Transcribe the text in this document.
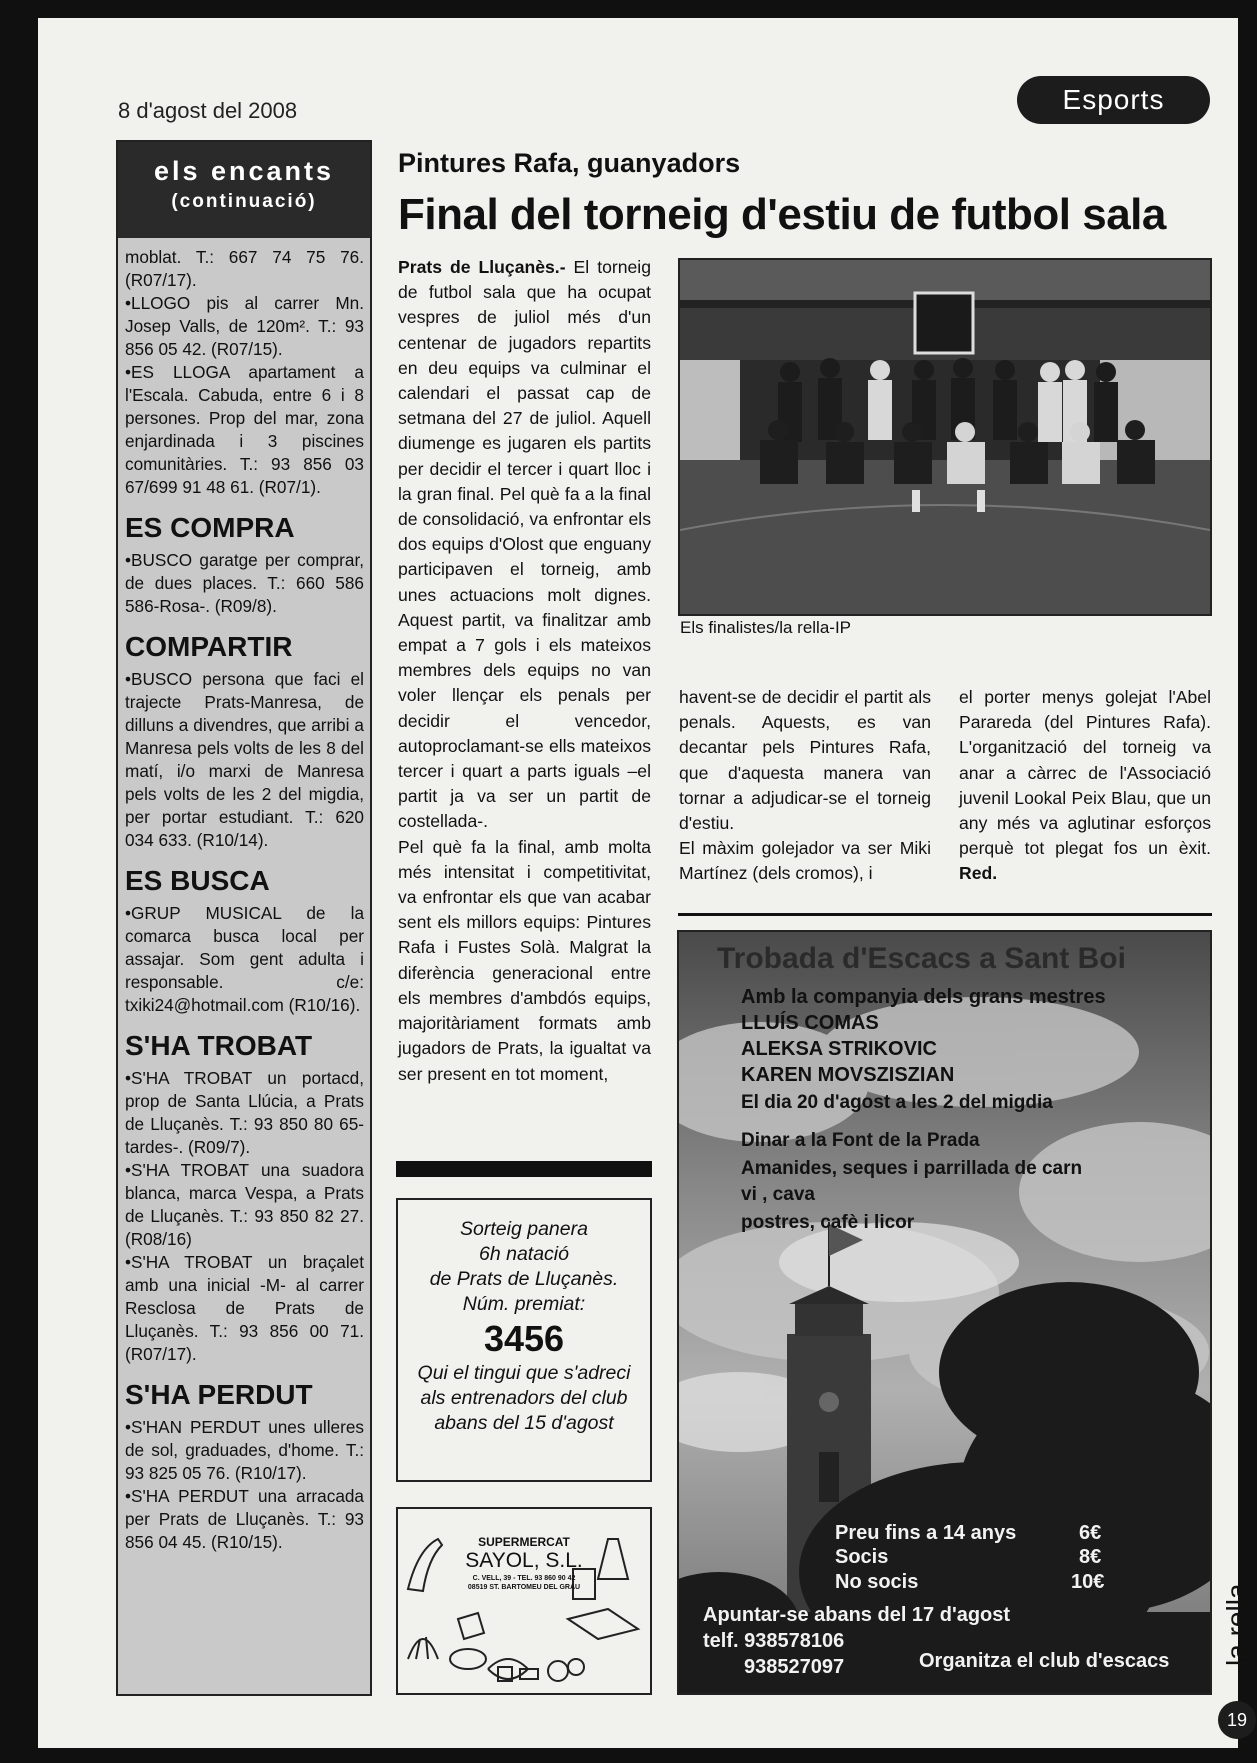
8 d'agost del 2008	Esports
els encants
(continuació)

moblat. T.: 667 74 75 76. (R07/17).

•LLOGO pis al carrer Mn. Josep Valls, de 120m². T.: 93 856 05 42. (R07/15).

•ES LLOGA apartament a l'Escala. Cabuda, entre 6 i 8 persones. Prop del mar, zona enjardinada i 3 piscines comunitàries. T.: 93 856 03 67/699 91 48 61. (R07/1).

ES COMPRA

•BUSCO garatge per comprar, de dues places. T.: 660 586 586-Rosa-. (R09/8).

COMPARTIR

•BUSCO persona que faci el trajecte Prats-Manresa, de dilluns a divendres, que arribi a Manresa pels volts de les 8 del matí, i/o marxi de Manresa pels volts de les 2 del migdia, per portar estudiant. T.: 620 034 633. (R10/14).

ES BUSCA

•GRUP MUSICAL de la comarca busca local per assajar. Som gent adulta i responsable. c/e: txiki24@hotmail.com (R10/16).

S'HA TROBAT

•S'HA TROBAT un portacd, prop de Santa Llúcia, a Prats de Lluçanès. T.: 93 850 80 65-tardes-. (R09/7).

•S'HA TROBAT una suadora blanca, marca Vespa, a Prats de Lluçanès. T.: 93 850 82 27. (R08/16)

•S'HA TROBAT un braçalet amb una inicial -M- al carrer Resclosa de Prats de Lluçanès. T.: 93 856 00 71. (R07/17).

S'HA PERDUT

•S'HAN PERDUT unes ulleres de sol, graduades, d'home. T.: 93 825 05 76. (R10/17).

•S'HA PERDUT una arracada per Prats de Lluçanès. T.: 93 856 04 45. (R10/15).

Pintures Rafa, guanyadors
Final del torneig d'estiu de futbol sala

Prats de Lluçanès.- El torneig de futbol sala que ha ocupat vespres de juliol més d'un centenar de jugadors repartits en deu equips va culminar el calendari el passat cap de setmana del 27 de juliol. Aquell diumenge es jugaren els partits per decidir el tercer i quart lloc i la gran final. Pel què fa a la final de consolidació, va enfrontar els dos equips d'Olost que enguany participaven el torneig, amb unes actuacions molt dignes. Aquest partit, va finalitzar amb empat a 7 gols i els mateixos membres dels equips no van voler llençar els penals per decidir el vencedor, autoproclamant-se ells mateixos tercer i quart a parts iguals –el partit ja va ser un partit de costellada-.

Pel què fa la final, amb molta més intensitat i competitivitat, va enfrontar els que van acabar sent els millors equips: Pintures Rafa i Fustes Solà. Malgrat la diferència generacional entre els membres d'ambdós equips, majoritàriament formats amb jugadors de Prats, la igualtat va ser present en tot moment,

Els finalistes/la rella-IP

havent-se de decidir el partit als penals. Aquests, es van decantar pels Pintures Rafa, que d'aquesta manera van tornar a adjudicar-se el torneig d'estiu.

El màxim golejador va ser Miki Martínez (dels cromos), i

el porter menys golejat l'Abel Parareda (del Pintures Rafa). L'organització del torneig va anar a càrrec de l'Associació juvenil Lookal Peix Blau, que un any més va aglutinar esforços perquè tot plegat fos un èxit. Red.

Sorteig panera
6h natació
de Prats de Lluçanès.
Núm. premiat:
3456
Qui el tingui que s'adreci
als entrenadors del club
abans del 15 d'agost
SUPERMERCAT
SAYOL, S.L.
C. VELL, 39 - TEL. 93 860 90 42
08519 ST. BARTOMEU DEL GRAU
Trobada d'Escacs a Sant Boi
Amb la companyia dels grans mestres
LLUÍS COMAS
ALEKSA STRIKOVIC
KAREN MOVSZISZIAN
El dia 20 d'agost a les 2 del migdia
Dinar a la Font de la Prada
Amanides, seques i parrillada de carn
vi , cava
postres, cafè i licor
Preu fins a 14 anys	6€
Socis	8€
No socis	10€
Apuntar-se abans del 17 d'agost
telf. 938578106
938527097	Organitza el club d'escacs la rella
19
